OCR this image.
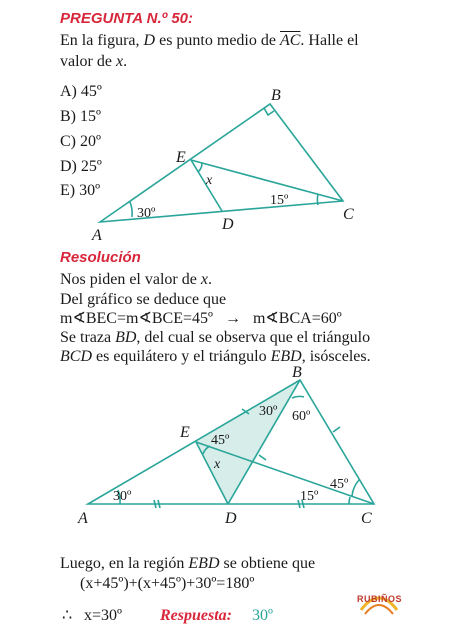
PREGUNTA N.º 50:
En la figura, D es punto medio de $\overline{AC}$. Halle el
valor de x.
A) 45º
B) 15º
C) 20º
D) 25º
E) 30º
A
B
C
D
E
x
30º
15º
Resolución
Nos piden el valor de x.
Del gráfico se deduce que
m∢BEC=m∢BCE=45º   →   m∢BCA=60º
Se traza BD, del cual se observa que el triángulo
BCD es equilátero y el triángulo EBD, isósceles.
A
B
C
D
E
x
30º	15º
45º
45º
30º 60º
Luego, en la región EBD se obtiene que
(x+45º)+(x+45º)+30º=180º
∴ x=30º Respuesta: 30º
RUBIÑOS
